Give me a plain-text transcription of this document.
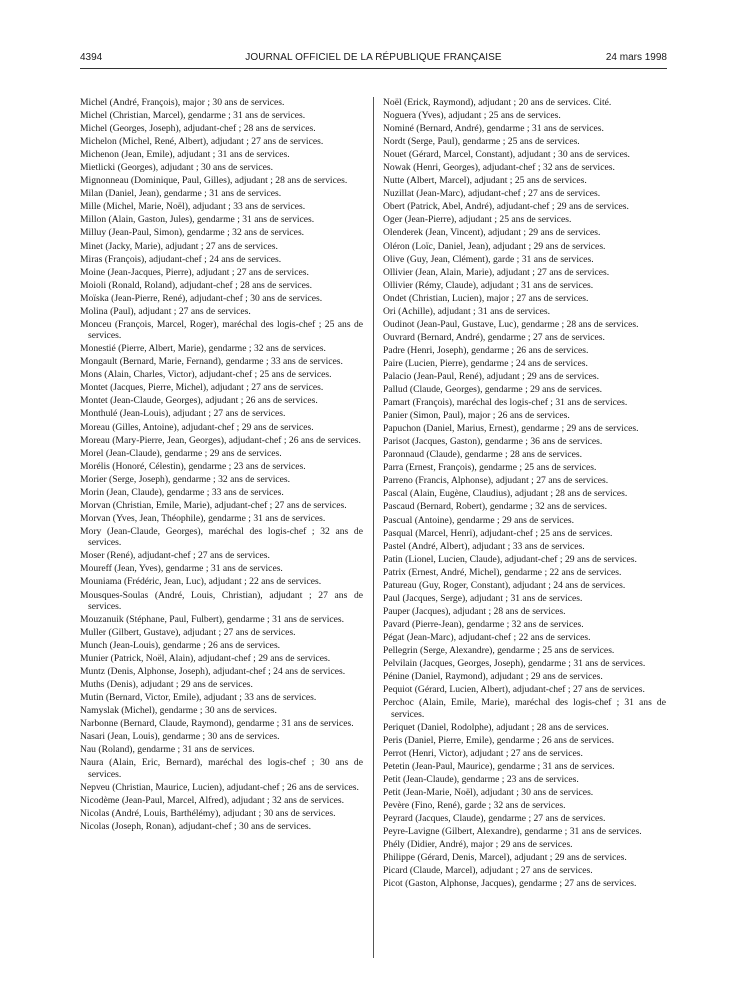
4394	JOURNAL OFFICIEL DE LA RÉPUBLIQUE FRANÇAISE	24 mars 1998

Michel (André, François), major ; 30 ans de services.

Michel (Christian, Marcel), gendarme ; 31 ans de services.

Michel (Georges, Joseph), adjudant-chef ; 28 ans de services.

Michelon (Michel, René, Albert), adjudant ; 27 ans de services.

Michenon (Jean, Emile), adjudant ; 31 ans de services.

Mietlicki (Georges), adjudant ; 30 ans de services.

Mignonneau (Dominique, Paul, Gilles), adjudant ; 28 ans de services.

Milan (Daniel, Jean), gendarme ; 31 ans de services.

Mille (Michel, Marie, Noël), adjudant ; 33 ans de services.

Millon (Alain, Gaston, Jules), gendarme ; 31 ans de services.

Milluy (Jean-Paul, Simon), gendarme ; 32 ans de services.

Minet (Jacky, Marie), adjudant ; 27 ans de services.

Miras (François), adjudant-chef ; 24 ans de services.

Moine (Jean-Jacques, Pierre), adjudant ; 27 ans de services.

Moioli (Ronald, Roland), adjudant-chef ; 28 ans de services.

Moïska (Jean-Pierre, René), adjudant-chef ; 30 ans de services.

Molina (Paul), adjudant ; 27 ans de services.

Monceu (François, Marcel, Roger), maréchal des logis-chef ; 25 ans de services.

Monestié (Pierre, Albert, Marie), gendarme ; 32 ans de services.

Mongault (Bernard, Marie, Fernand), gendarme ; 33 ans de services.

Mons (Alain, Charles, Victor), adjudant-chef ; 25 ans de services.

Montet (Jacques, Pierre, Michel), adjudant ; 27 ans de services.

Montet (Jean-Claude, Georges), adjudant ; 26 ans de services.

Monthulé (Jean-Louis), adjudant ; 27 ans de services.

Moreau (Gilles, Antoine), adjudant-chef ; 29 ans de services.

Moreau (Mary-Pierre, Jean, Georges), adjudant-chef ; 26 ans de services.

Morel (Jean-Claude), gendarme ; 29 ans de services.

Morélis (Honoré, Célestin), gendarme ; 23 ans de services.

Morier (Serge, Joseph), gendarme ; 32 ans de services.

Morin (Jean, Claude), gendarme ; 33 ans de services.

Morvan (Christian, Emile, Marie), adjudant-chef ; 27 ans de services.

Morvan (Yves, Jean, Théophile), gendarme ; 31 ans de services.

Mory (Jean-Claude, Georges), maréchal des logis-chef ; 32 ans de services.

Moser (René), adjudant-chef ; 27 ans de services.

Moureff (Jean, Yves), gendarme ; 31 ans de services.

Mouniama (Frédéric, Jean, Luc), adjudant ; 22 ans de services.

Mousques-Soulas (André, Louis, Christian), adjudant ; 27 ans de services.

Mouzanuik (Stéphane, Paul, Fulbert), gendarme ; 31 ans de services.

Muller (Gilbert, Gustave), adjudant ; 27 ans de services.

Munch (Jean-Louis), gendarme ; 26 ans de services.

Munier (Patrick, Noël, Alain), adjudant-chef ; 29 ans de services.

Muntz (Denis, Alphonse, Joseph), adjudant-chef ; 24 ans de services.

Muths (Denis), adjudant ; 29 ans de services.

Mutin (Bernard, Victor, Emile), adjudant ; 33 ans de services.

Namyslak (Michel), gendarme ; 30 ans de services.

Narbonne (Bernard, Claude, Raymond), gendarme ; 31 ans de services.

Nasari (Jean, Louis), gendarme ; 30 ans de services.

Nau (Roland), gendarme ; 31 ans de services.

Naura (Alain, Eric, Bernard), maréchal des logis-chef ; 30 ans de services.

Nepveu (Christian, Maurice, Lucien), adjudant-chef ; 26 ans de services.

Nicodème (Jean-Paul, Marcel, Alfred), adjudant ; 32 ans de services.

Nicolas (André, Louis, Barthélémy), adjudant ; 30 ans de services.

Nicolas (Joseph, Ronan), adjudant-chef ; 30 ans de services.

Noël (Erick, Raymond), adjudant ; 20 ans de services. Cité.

Noguera (Yves), adjudant ; 25 ans de services.

Nominé (Bernard, André), gendarme ; 31 ans de services.

Nordt (Serge, Paul), gendarme ; 25 ans de services.

Nouet (Gérard, Marcel, Constant), adjudant ; 30 ans de services.

Nowak (Henri, Georges), adjudant-chef ; 32 ans de services.

Nutte (Albert, Marcel), adjudant ; 25 ans de services.

Nuzillat (Jean-Marc), adjudant-chef ; 27 ans de services.

Obert (Patrick, Abel, André), adjudant-chef ; 29 ans de services.

Oger (Jean-Pierre), adjudant ; 25 ans de services.

Olenderek (Jean, Vincent), adjudant ; 29 ans de services.

Oléron (Loïc, Daniel, Jean), adjudant ; 29 ans de services.

Olive (Guy, Jean, Clément), garde ; 31 ans de services.

Ollivier (Jean, Alain, Marie), adjudant ; 27 ans de services.

Ollivier (Rémy, Claude), adjudant ; 31 ans de services.

Ondet (Christian, Lucien), major ; 27 ans de services.

Ori (Achille), adjudant ; 31 ans de services.

Oudinot (Jean-Paul, Gustave, Luc), gendarme ; 28 ans de services.

Ouvrard (Bernard, André), gendarme ; 27 ans de services.

Padre (Henri, Joseph), gendarme ; 26 ans de services.

Paire (Lucien, Pierre), gendarme ; 24 ans de services.

Palacio (Jean-Paul, René), adjudant ; 29 ans de services.

Pallud (Claude, Georges), gendarme ; 29 ans de services.

Pamart (François), maréchal des logis-chef ; 31 ans de services.

Panier (Simon, Paul), major ; 26 ans de services.

Papuchon (Daniel, Marius, Ernest), gendarme ; 29 ans de services.

Parisot (Jacques, Gaston), gendarme ; 36 ans de services.

Paronnaud (Claude), gendarme ; 28 ans de services.

Parra (Ernest, François), gendarme ; 25 ans de services.

Parreno (Francis, Alphonse), adjudant ; 27 ans de services.

Pascal (Alain, Eugène, Claudius), adjudant ; 28 ans de services.

Pascaud (Bernard, Robert), gendarme ; 32 ans de services.

Pascual (Antoine), gendarme ; 29 ans de services.

Pasqual (Marcel, Henri), adjudant-chef ; 25 ans de services.

Pastel (André, Albert), adjudant ; 33 ans de services.

Patin (Lionel, Lucien, Claude), adjudant-chef ; 29 ans de services.

Patrix (Ernest, André, Michel), gendarme ; 22 ans de services.

Patureau (Guy, Roger, Constant), adjudant ; 24 ans de services.

Paul (Jacques, Serge), adjudant ; 31 ans de services.

Pauper (Jacques), adjudant ; 28 ans de services.

Pavard (Pierre-Jean), gendarme ; 32 ans de services.

Pégat (Jean-Marc), adjudant-chef ; 22 ans de services.

Pellegrin (Serge, Alexandre), gendarme ; 25 ans de services.

Pelvilain (Jacques, Georges, Joseph), gendarme ; 31 ans de services.

Pénine (Daniel, Raymond), adjudant ; 29 ans de services.

Pequiot (Gérard, Lucien, Albert), adjudant-chef ; 27 ans de services.

Perchoc (Alain, Emile, Marie), maréchal des logis-chef ; 31 ans de services.

Periquet (Daniel, Rodolphe), adjudant ; 28 ans de services.

Peris (Daniel, Pierre, Emile), gendarme ; 26 ans de services.

Perrot (Henri, Victor), adjudant ; 27 ans de services.

Petetin (Jean-Paul, Maurice), gendarme ; 31 ans de services.

Petit (Jean-Claude), gendarme ; 23 ans de services.

Petit (Jean-Marie, Noël), adjudant ; 30 ans de services.

Pevère (Fino, René), garde ; 32 ans de services.

Peyrard (Jacques, Claude), gendarme ; 27 ans de services.

Peyre-Lavigne (Gilbert, Alexandre), gendarme ; 31 ans de services.

Phély (Didier, André), major ; 29 ans de services.

Philippe (Gérard, Denis, Marcel), adjudant ; 29 ans de services.

Picard (Claude, Marcel), adjudant ; 27 ans de services.

Picot (Gaston, Alphonse, Jacques), gendarme ; 27 ans de services.
